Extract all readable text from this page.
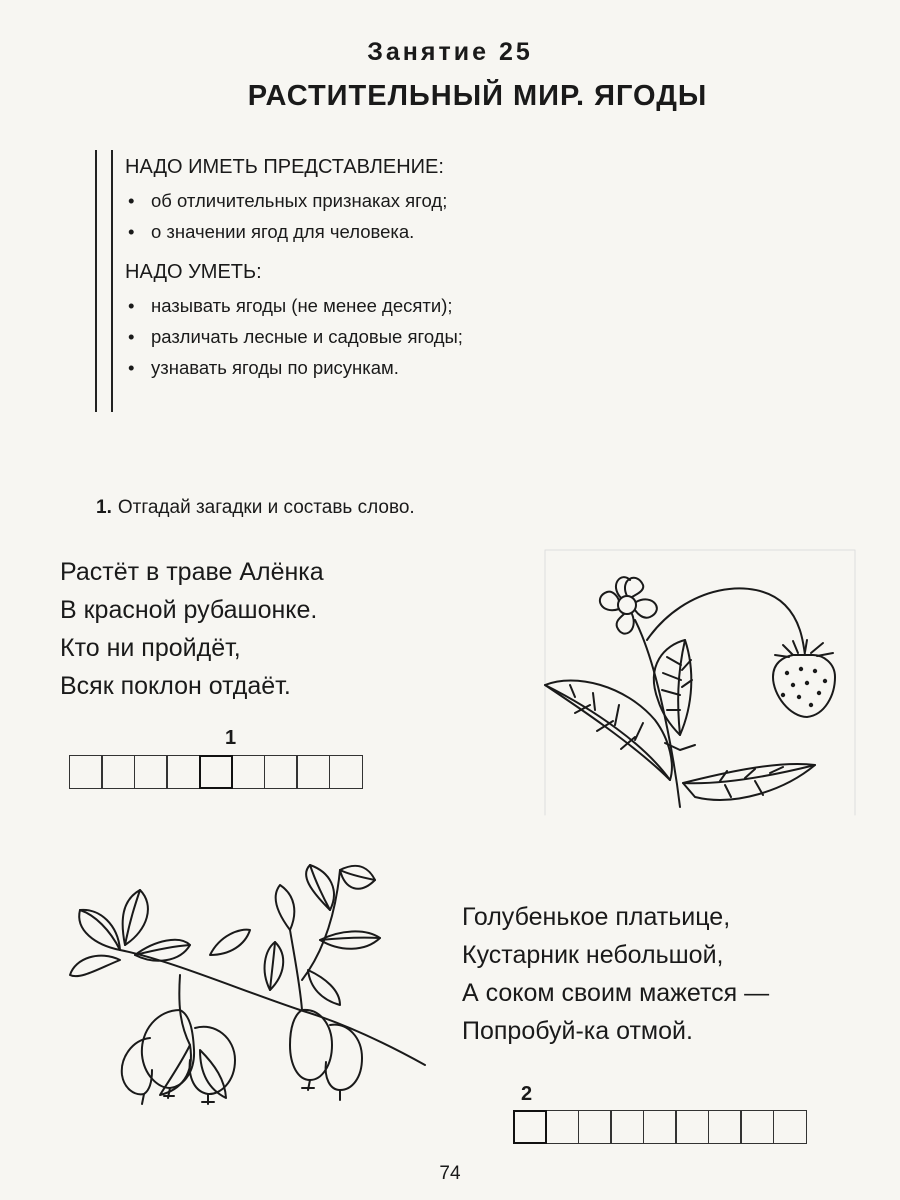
Занятие 25
РАСТИТЕЛЬНЫЙ МИР. ЯГОДЫ
НАДО ИМЕТЬ ПРЕДСТАВЛЕНИЕ:
• об отличительных признаках ягод;
• о значении ягод для человека.
НАДО УМЕТЬ:
• называть ягоды (не менее десяти);
• различать лесные и садовые ягоды;
• узнавать ягоды по рисункам.
1. Отгадай загадки и составь слово.
Растёт в траве Алёнка
В красной рубашонке.
Кто ни пройдёт,
Всяк поклон отдаёт.
1
Голубенькое платьице,
Кустарник небольшой,
А соком своим мажется —
Попробуй-ка отмой.
2
74
